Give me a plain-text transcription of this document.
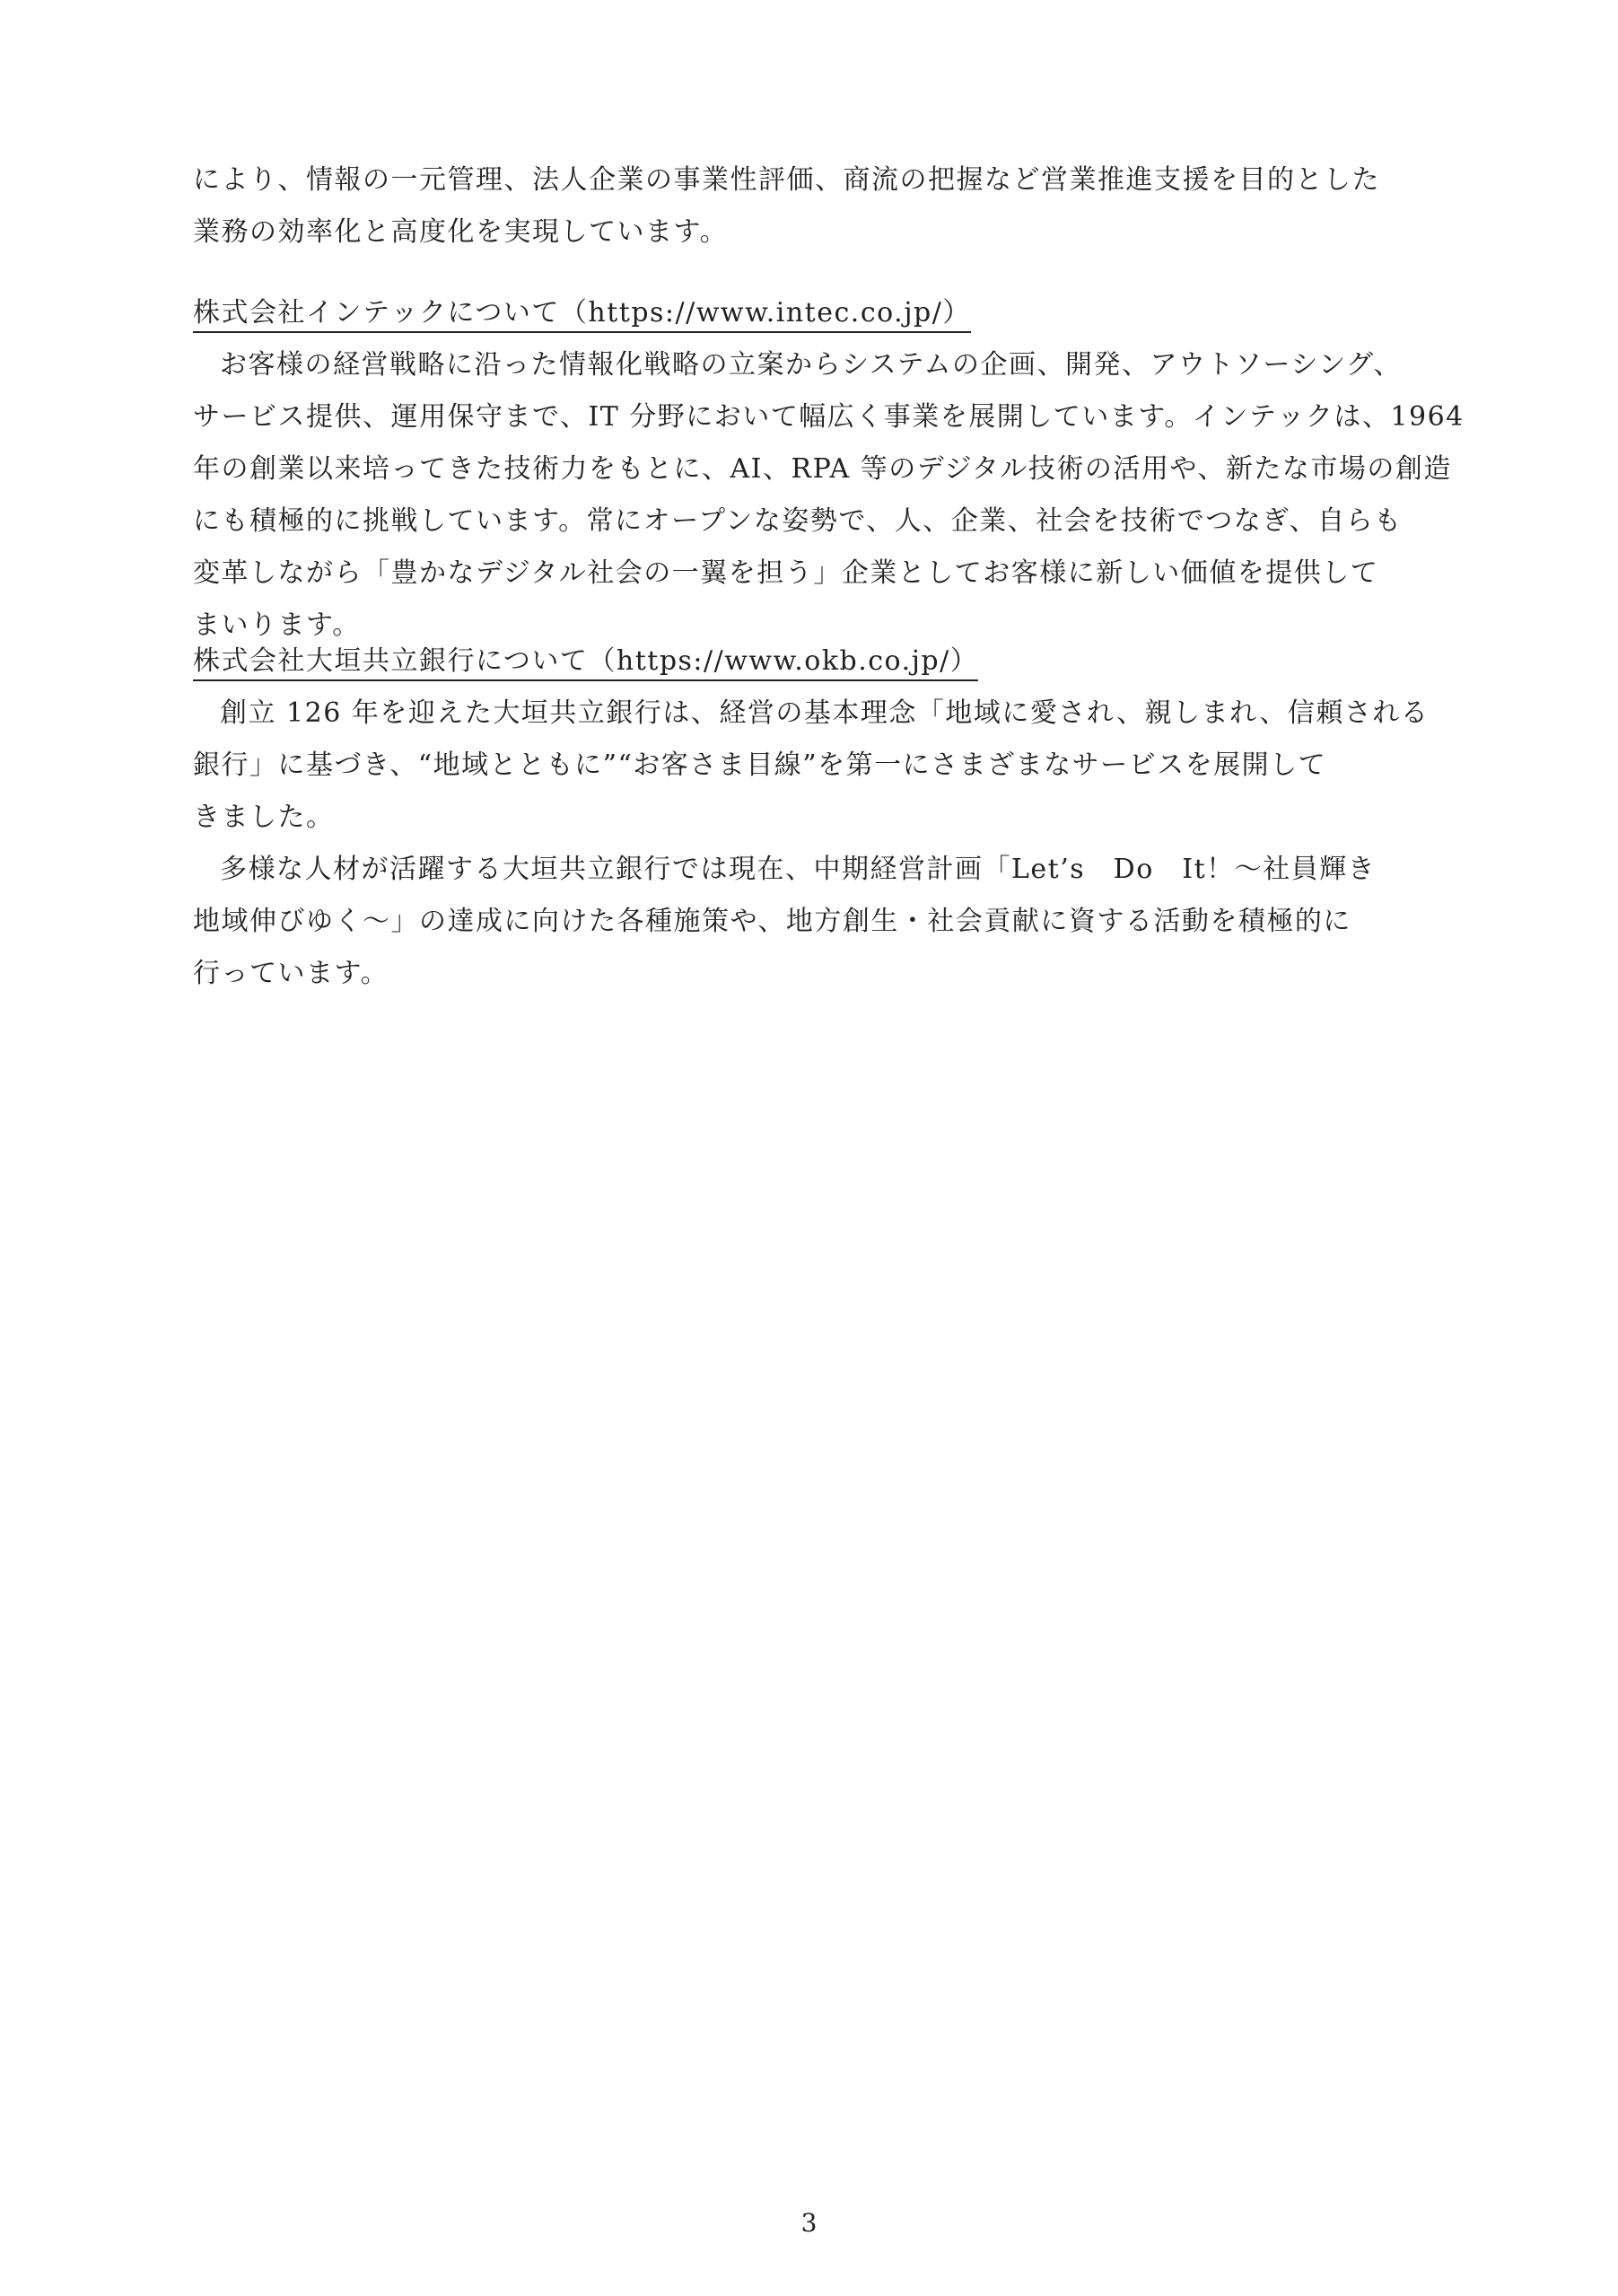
により、情報の一元管理、法人企業の事業性評価、商流の把握など営業推進支援を目的とした
業務の効率化と高度化を実現しています。
株式会社インテックについて（https://www.intec.co.jp/）
お客様の経営戦略に沿った情報化戦略の立案からシステムの企画、開発、アウトソーシング、
サービス提供、運用保守まで、IT 分野において幅広く事業を展開しています。インテックは、1964
年の創業以来培ってきた技術力をもとに、AI、RPA 等のデジタル技術の活用や、新たな市場の創造
にも積極的に挑戦しています。常にオープンな姿勢で、人、企業、社会を技術でつなぎ、自らも
変革しながら「豊かなデジタル社会の一翼を担う」企業としてお客様に新しい価値を提供して
まいります。
株式会社大垣共立銀行について（https://www.okb.co.jp/）
創立 126 年を迎えた大垣共立銀行は、経営の基本理念「地域に愛され、親しまれ、信頼される
銀行」に基づき、“地域とともに”“お客さま目線”を第一にさまざまなサービスを展開して
きました。
多様な人材が活躍する大垣共立銀行では現在、中期経営計画「Let’s　Do　It！～社員輝き
地域伸びゆく～」の達成に向けた各種施策や、地方創生・社会貢献に資する活動を積極的に
行っています。
3
